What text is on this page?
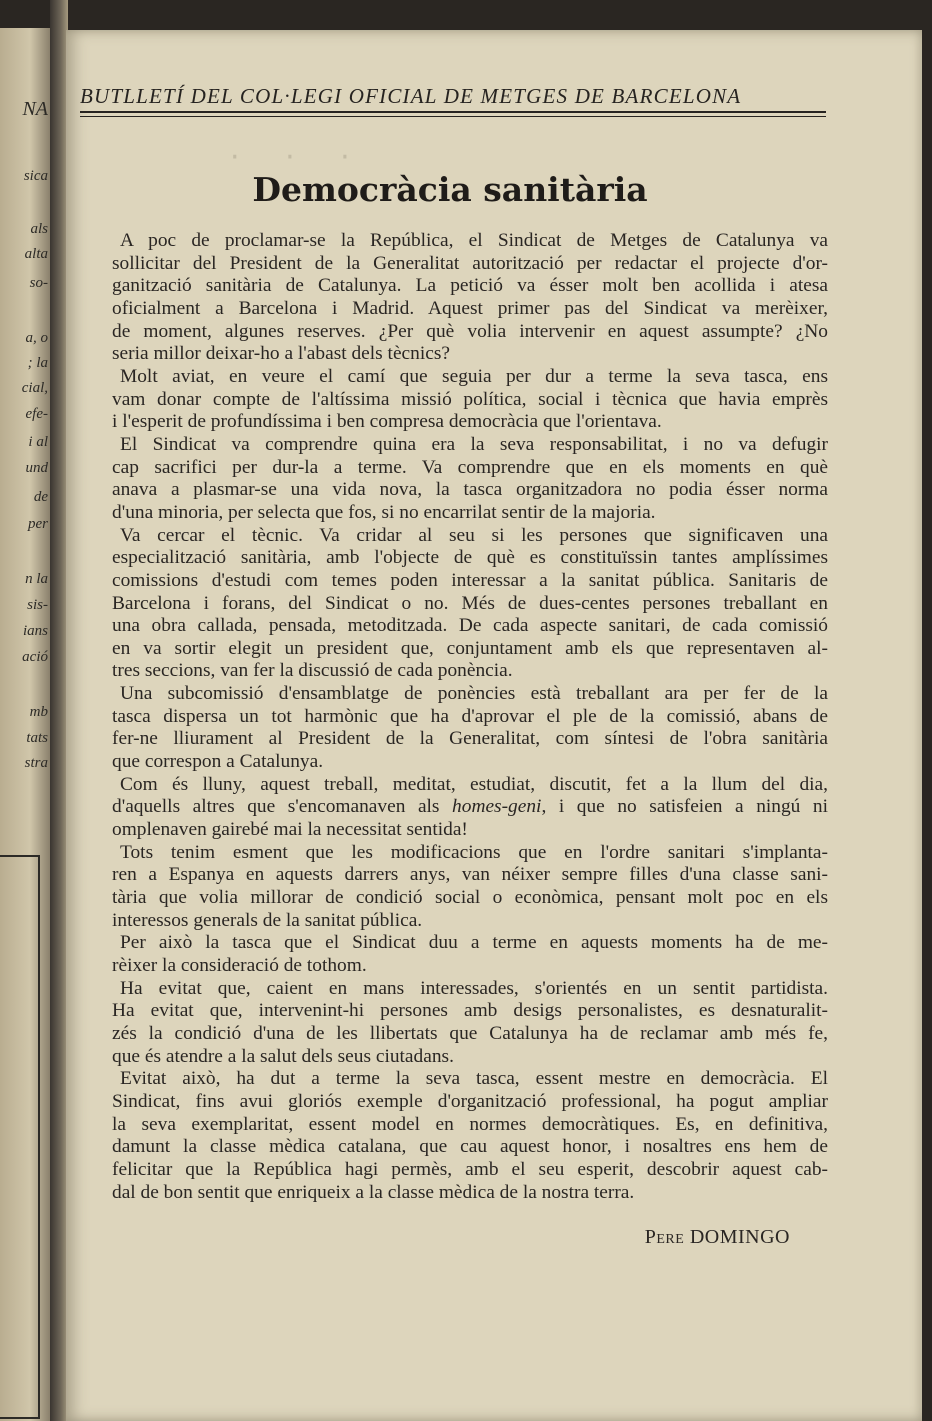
NA
sica
als
alta
so-
a, o
; la
cial,
efe-
i al
und
de
per
n la
sis-
ians
ació
mb
tats
stra
· · ·
BUTLLETÍ DEL COL·LEGI OFICIAL DE METGES DE BARCELONA
Democràcia sanitària

A poc de proclamar-se la República, el Sindicat de Metges de Catalunya va
sollicitar del President de la Generalitat autorització per redactar el projecte d'or-
ganització sanitària de Catalunya. La petició va ésser molt ben acollida i atesa
oficialment a Barcelona i Madrid. Aquest primer pas del Sindicat va merèixer,
de moment, algunes reserves. ¿Per què volia intervenir en aquest assumpte? ¿No
seria millor deixar-ho a l'abast dels tècnics?

Molt aviat, en veure el camí que seguia per dur a terme la seva tasca, ens
vam donar compte de l'altíssima missió política, social i tècnica que havia emprès
i l'esperit de profundíssima i ben compresa democràcia que l'orientava.

El Sindicat va comprendre quina era la seva responsabilitat, i no va defugir
cap sacrifici per dur-la a terme. Va comprendre que en els moments en què
anava a plasmar-se una vida nova, la tasca organitzadora no podia ésser norma
d'una minoria, per selecta que fos, si no encarrilat sentir de la majoria.

Va cercar el tècnic. Va cridar al seu si les persones que significaven una
especialització sanitària, amb l'objecte de què es constituïssin tantes amplíssimes
comissions d'estudi com temes poden interessar a la sanitat pública. Sanitaris de
Barcelona i forans, del Sindicat o no. Més de dues-centes persones treballant en
una obra callada, pensada, metoditzada. De cada aspecte sanitari, de cada comissió
en va sortir elegit un president que, conjuntament amb els que representaven al-
tres seccions, van fer la discussió de cada ponència.

Una subcomissió d'ensamblatge de ponències està treballant ara per fer de la
tasca dispersa un tot harmònic que ha d'aprovar el ple de la comissió, abans de
fer-ne lliurament al President de la Generalitat, com síntesi de l'obra sanitària
que correspon a Catalunya.

Com és lluny, aquest treball, meditat, estudiat, discutit, fet a la llum del dia,
d'aquells altres que s'encomanaven als homes-geni, i que no satisfeien a ningú ni
omplenaven gairebé mai la necessitat sentida!

Tots tenim esment que les modificacions que en l'ordre sanitari s'implanta-
ren a Espanya en aquests darrers anys, van néixer sempre filles d'una classe sani-
tària que volia millorar de condició social o econòmica, pensant molt poc en els
interessos generals de la sanitat pública.

Per això la tasca que el Sindicat duu a terme en aquests moments ha de me-
rèixer la consideració de tothom.

Ha evitat que, caient en mans interessades, s'orientés en un sentit partidista.
Ha evitat que, intervenint-hi persones amb desigs personalistes, es desnaturalit-
zés la condició d'una de les llibertats que Catalunya ha de reclamar amb més fe,
que és atendre a la salut dels seus ciutadans.

Evitat això, ha dut a terme la seva tasca, essent mestre en democràcia. El
Sindicat, fins avui gloriós exemple d'organització professional, ha pogut ampliar
la seva exemplaritat, essent model en normes democràtiques. Es, en definitiva,
damunt la classe mèdica catalana, que cau aquest honor, i nosaltres ens hem de
felicitar que la República hagi permès, amb el seu esperit, descobrir aquest cab-
dal de bon sentit que enriqueix a la classe mèdica de la nostra terra.

Pere DOMINGO
